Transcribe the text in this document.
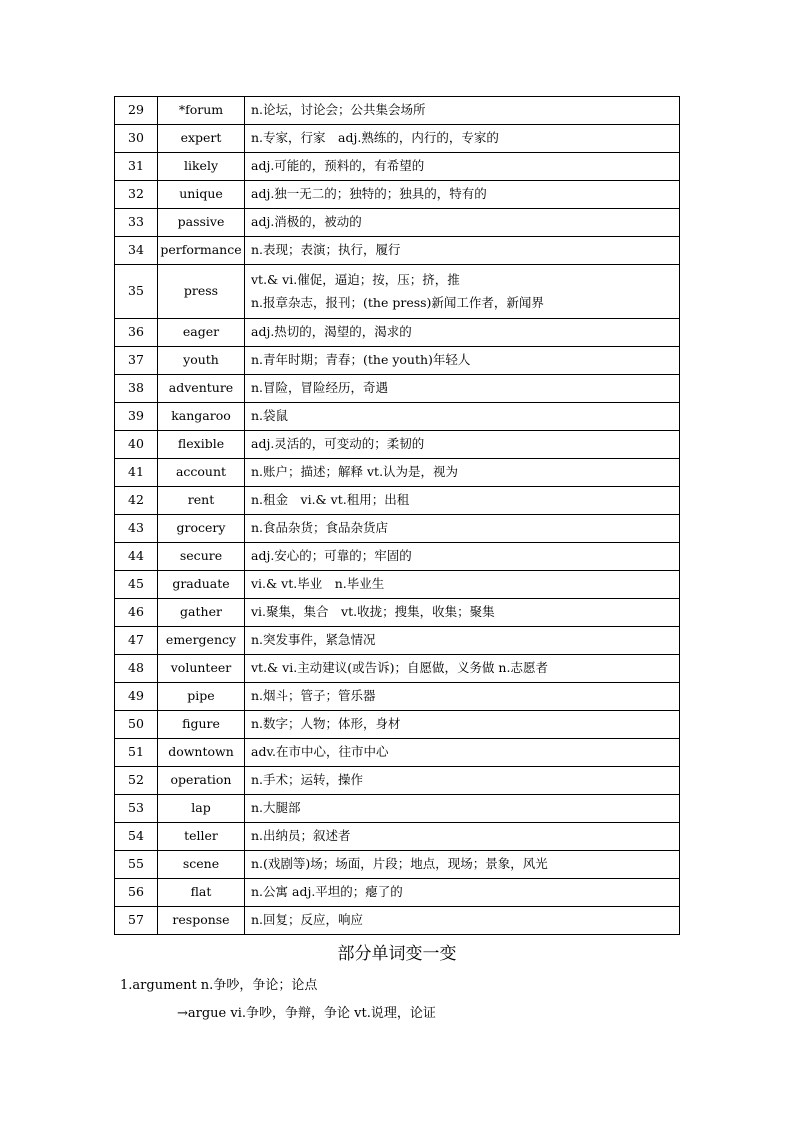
29	*forum	n.论坛，讨论会；公共集会场所
30	expert	n.专家，行家　adj.熟练的，内行的，专家的
31	likely	adj.可能的，预料的，有希望的
32	unique	adj.独一无二的；独特的；独具的，特有的
33	passive	adj.消极的，被动的
34	performance	n.表现；表演；执行，履行
35	press	vt.& vi.催促，逼迫；按，压；挤，推
n.报章杂志，报刊；(the press)新闻工作者，新闻界

36	eager	adj.热切的，渴望的，渴求的
37	youth	n.青年时期；青春；(the youth)年轻人
38	adventure	n.冒险，冒险经历，奇遇
39	kangaroo	n.袋鼠
40	flexible	adj.灵活的，可变动的；柔韧的
41	account	n.账户；描述；解释 vt.认为是，视为
42	rent	n.租金　vi.& vt.租用；出租
43	grocery	n.食品杂货；食品杂货店
44	secure	adj.安心的；可靠的；牢固的
45	graduate	vi.& vt.毕业　n.毕业生
46	gather	vi.聚集，集合　vt.收拢；搜集，收集；聚集
47	emergency	n.突发事件，紧急情况
48	volunteer	vt.& vi.主动建议(或告诉)；自愿做，义务做 n.志愿者
49	pipe	n.烟斗；管子；管乐器
50	figure	n.数字；人物；体形，身材
51	downtown	adv.在市中心，往市中心
52	operation	n.手术；运转，操作
53	lap	n.大腿部
54	teller	n.出纳员；叙述者
55	scene	n.(戏剧等)场；场面，片段；地点，现场；景象，风光
56	flat	n.公寓 adj.平坦的；瘪了的
57	response	n.回复；反应，响应
部分单词变一变
1.argument n.争吵，争论；论点
→argue vi.争吵，争辩，争论 vt.说理，论证
